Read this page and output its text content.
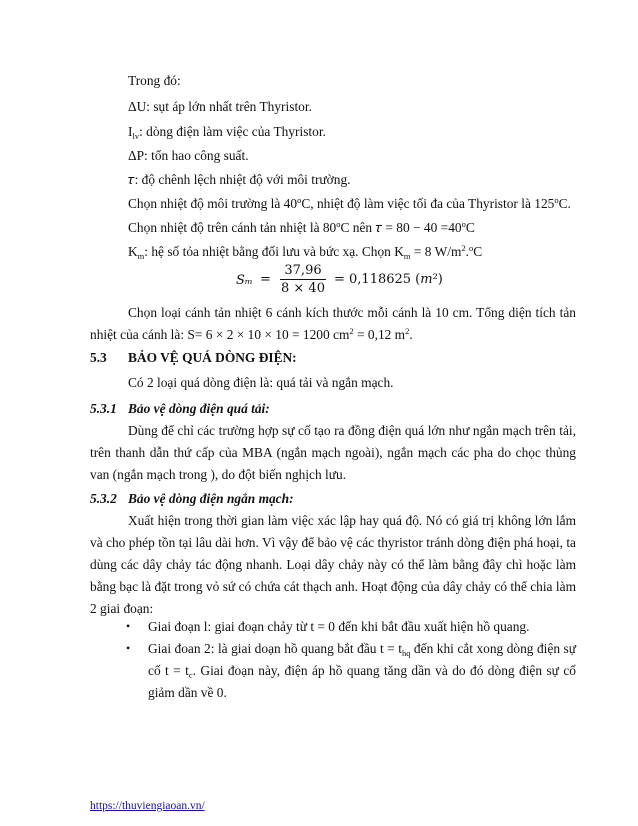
Trong đó:
ΔU: sụt áp lớn nhất trên Thyristor.
$I_{lv}$: dòng điện làm việc của Thyristor.
ΔP: tổn hao công suất.
𝜏: độ chênh lệch nhiệt độ với môi trường.
Chọn nhiệt độ môi trường là 40$^o$C, nhiệt độ làm việc tối đa của Thyristor là 125$^o$C.
Chọn nhiệt độ trên cánh tản nhiệt là 80$^o$C nên 𝜏 = $80 - 40 =40^oC$
$K_m$: hệ số tỏa nhiệt bằng đối lưu và bức xạ. Chọn $K_m = 8$ $W/m^2.^oC$
𝑆ₘ =
37,96
8 × 40
= 0,118625 (𝑚²)
Chọn loại cánh tản nhiệt 6 cánh kích thước mỗi cánh là 10 cm. Tổng diện tích tản nhiệt của cánh là: S= 6 × 2 × 10 × 10 = 1200 $cm^2 = 0,12$ $m^2$.
5.3 BẢO VỆ QUÁ DÒNG ĐIỆN:
Có 2 loại quá dòng điện là: quá tải và ngắn mạch.
5.3.1 Bảo vệ dòng điện quá tải:
Dùng để chỉ các trường hợp sự cố tạo ra đồng điện quá lớn như ngắn mạch trên tải, trên thanh dẫn thứ cấp của MBA (ngắn mạch ngoài), ngắn mạch các pha do chọc thủng van (ngắn mạch trong ), do đột biến nghịch lưu.
5.3.2 Bảo vệ dòng điện ngắn mạch:
Xuất hiện trong thời gian làm việc xác lập hay quá độ. Nó có giá trị không lớn lắm và cho phép tồn tại lâu dài hơn. Vì vậy để bảo vệ các thyristor tránh dòng điện phá hoại, ta dùng các dây chảy tác động nhanh. Loại dây chảy này có thể làm bằng đây chì hoặc làm bằng bạc là đặt trong vỏ sứ có chứa cát thạch anh. Hoạt động của dây chảy có thể chia làm 2 giai đoạn:
• Giai đoạn l: giai đoạn chảy từ t = 0 đến khi bắt đầu xuất hiện hồ quang.
• Giai đoan 2: là giai doạn hồ quang bắt đầu $t = t_{hq}$ đến khi cắt xong dòng điện sự cố $t = t_c$. Giai đoạn này, điện áp hồ quang tăng dần và do đó dòng điện sự cố giảm dần về 0.
https://thuviengiaoan.vn/
